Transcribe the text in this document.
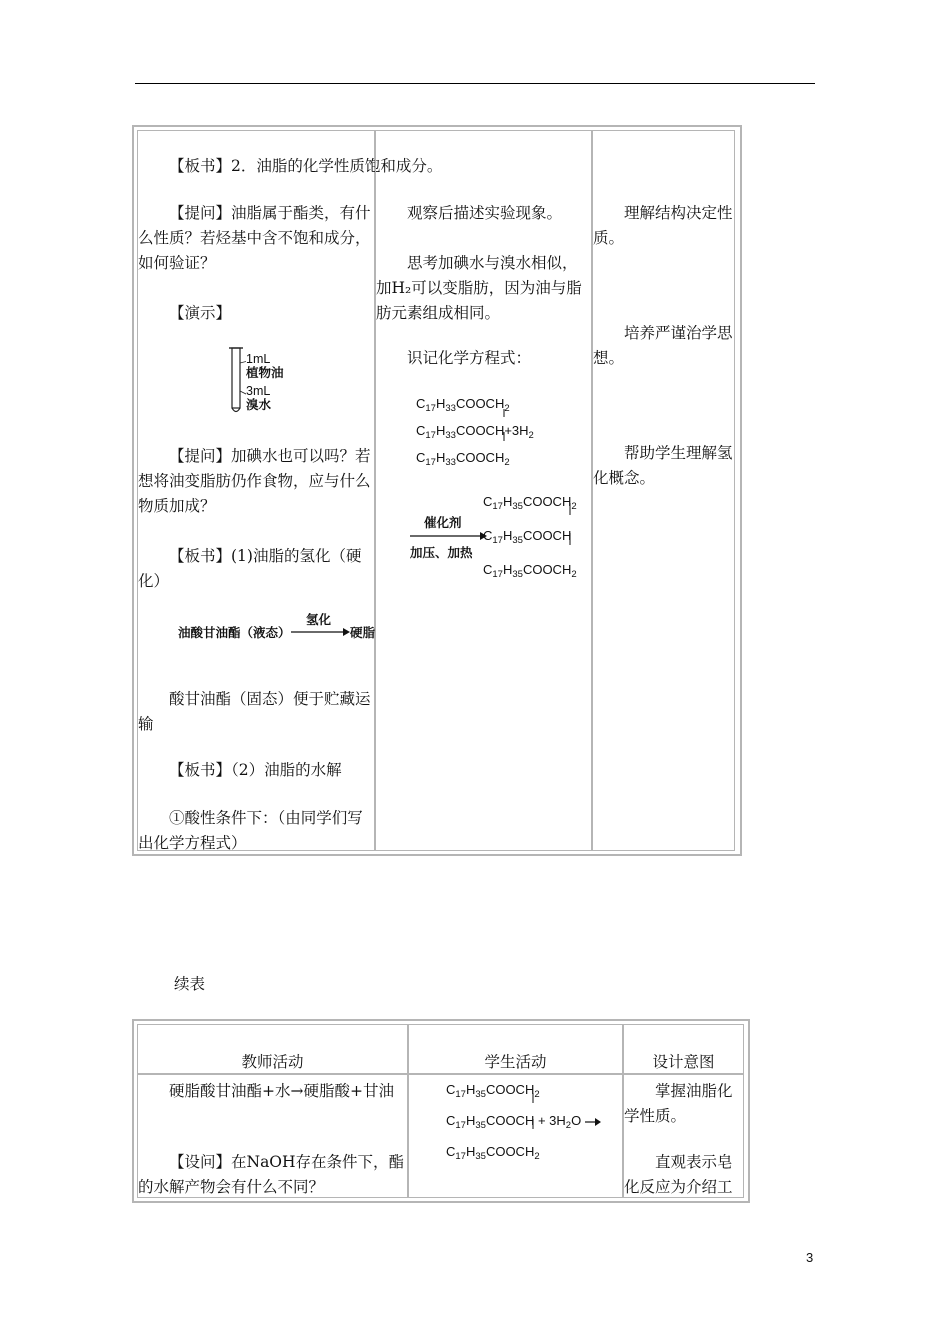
【板书】2．油脂的化学性质饱和成分。

【提问】油脂属于酯类，有什么性质？若烃基中含不饱和成分，如何验证？

【演示】

1mL
植物油
3mL
溴水

【提问】加碘水也可以吗？若想将油变脂肪仍作食物，应与什么物质加成？

【板书】(1)油脂的氢化（硬化）

油酸甘油酯（液态）
氢化
硬脂

酸甘油酯（固态）便于贮藏运输

【板书】（2）油脂的水解

①酸性条件下：（由同学们写出化学方程式）

观察后描述实验现象。

思考加碘水与溴水相似，加H₂可以变脂肪，因为油与脂肪元素组成相同。

识记化学方程式：

$C_{17}H_{33}COOCH_2$
$C_{17}H_{33}COOCH+3H_2$
$C_{17}H_{33}COOCH_2$
催化剂
加压、加热
$C_{17}H_{35}COOCH_2$
$C_{17}H_{35}COOCH$
$C_{17}H_{35}COOCH_2$

理解结构决定性质。

培养严谨治学思想。

帮助学生理解氢化概念。

续表

教师活动	学生活动	设计意图

硬脂酸甘油酯+水→硬脂酸+甘油

【设问】在NaOH存在条件下，酯的水解产物会有什么不同？

$C_{17}H_{35}COOCH_2$
$C_{17}H_{35}COOCH + 3H_2O$
$C_{17}H_{35}COOCH_2$

掌握油脂化学性质。

直观表示皂化反应为介绍工

3
